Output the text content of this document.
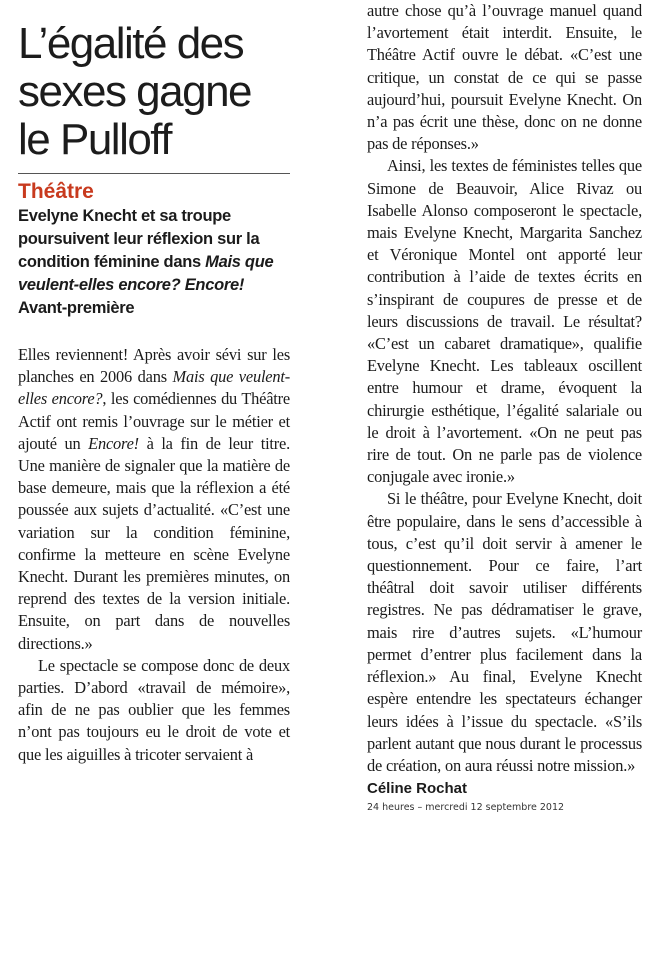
L’égalité des sexes gagne le Pulloff
Théâtre
Evelyne Knecht et sa troupe poursuivent leur réflexion sur la condition féminine dans Mais que veulent-elles encore? Encore! Avant-première

Elles reviennent! Après avoir sévi sur les planches en 2006 dans Mais que veulent-elles encore?, les comédiennes du Théâtre Actif ont remis l’ouvrage sur le métier et ajouté un Encore! à la fin de leur titre. Une manière de signaler que la matière de base demeure, mais que la réflexion a été poussée aux sujets d’actualité. «C’est une variation sur la condition féminine, confirme la metteure en scène Evelyne Knecht. Durant les premières minutes, on reprend des textes de la version initiale. Ensuite, on part dans de nouvelles directions.»

Le spectacle se compose donc de deux parties. D’abord «travail de mémoire», afin de ne pas oublier que les femmes n’ont pas toujours eu le droit de vote et que les aiguilles à tricoter servaient à

autre chose qu’à l’ouvrage manuel quand l’avortement était interdit. Ensuite, le Théâtre Actif ouvre le débat. «C’est une critique, un constat de ce qui se passe aujourd’hui, poursuit Evelyne Knecht. On n’a pas écrit une thèse, donc on ne donne pas de réponses.»

Ainsi, les textes de féministes telles que Simone de Beauvoir, Alice Rivaz ou Isabelle Alonso composeront le spectacle, mais Evelyne Knecht, Margarita Sanchez et Véronique Montel ont apporté leur contribution à l’aide de textes écrits en s’inspirant de coupures de presse et de leurs discussions de travail. Le résultat? «C’est un cabaret dramatique», qualifie Evelyne Knecht. Les tableaux oscillent entre humour et drame, évoquent la chirurgie esthétique, l’égalité salariale ou le droit à l’avortement. «On ne peut pas rire de tout. On ne parle pas de violence conjugale avec ironie.»

Si le théâtre, pour Evelyne Knecht, doit être populaire, dans le sens d’accessible à tous, c’est qu’il doit servir à amener le questionnement. Pour ce faire, l’art théâtral doit savoir utiliser différents registres. Ne pas dédramatiser le grave, mais rire d’autres sujets. «L’humour permet d’entrer plus facilement dans la réflexion.» Au final, Evelyne Knecht espère entendre les spectateurs échanger leurs idées à l’issue du spectacle. «S’ils parlent autant que nous durant le processus de création, on aura réussi notre mission.»

Céline Rochat
24 heures – mercredi 12 septembre 2012
